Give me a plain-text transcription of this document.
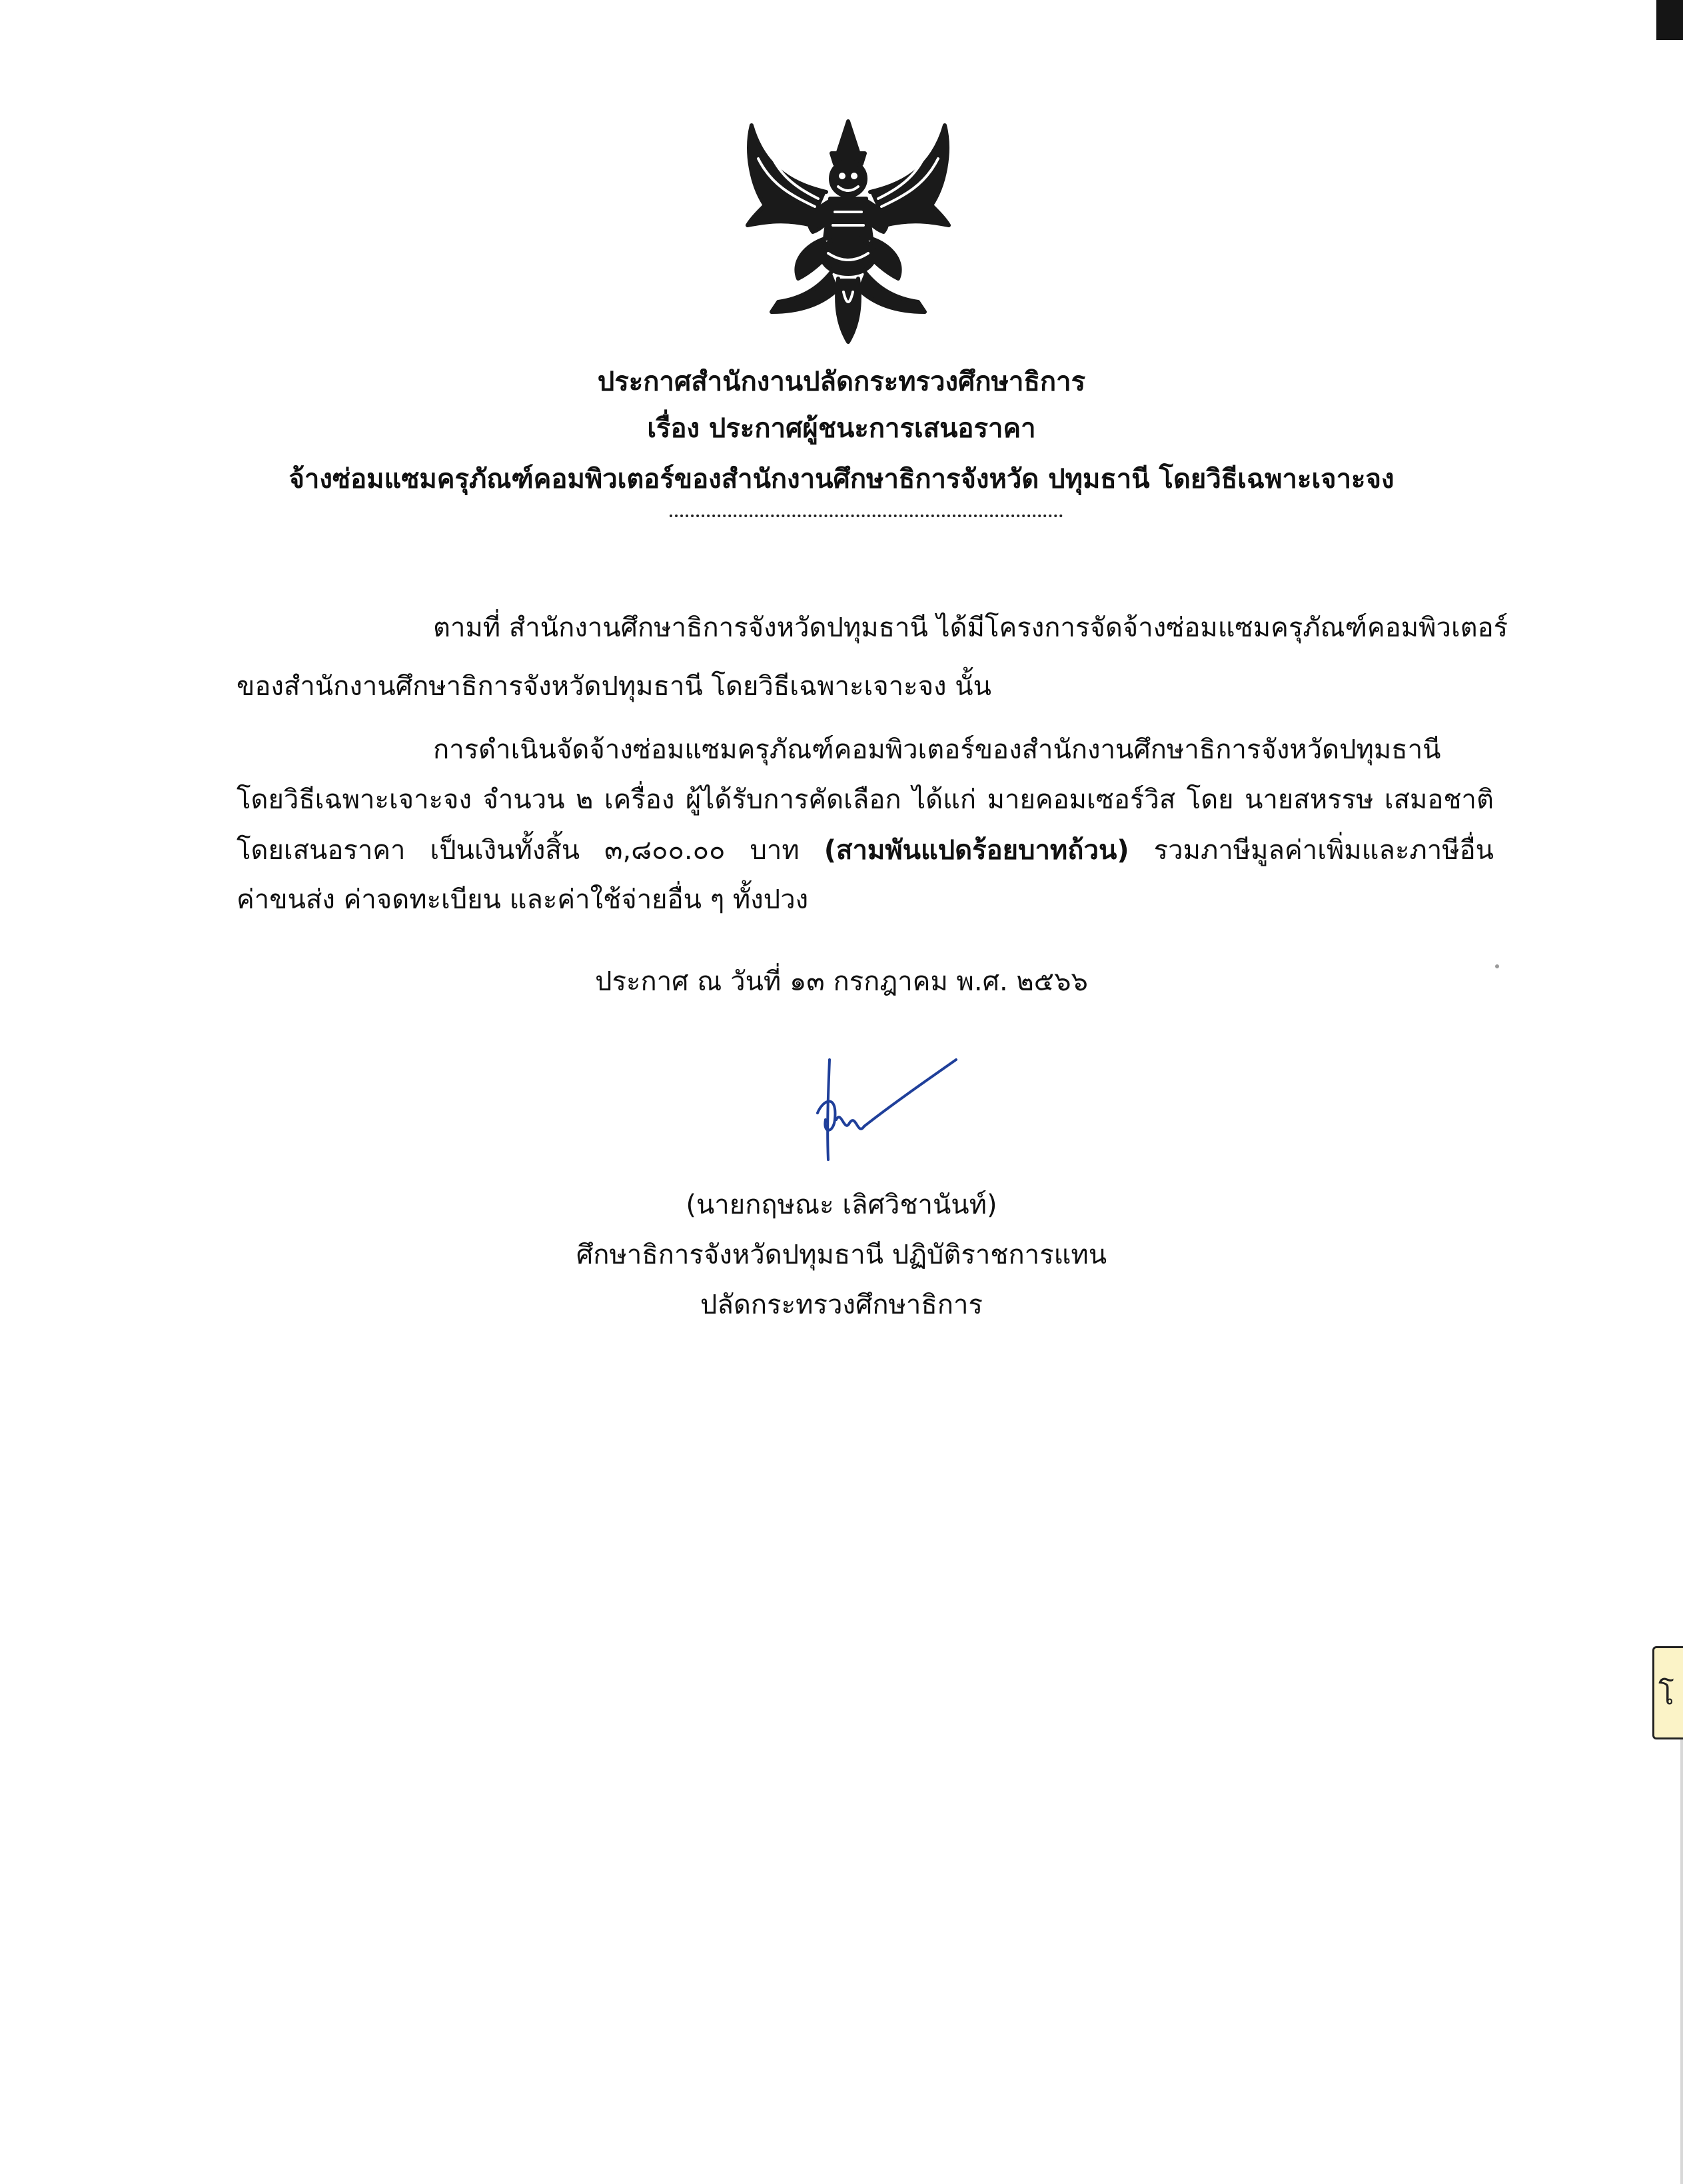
โ
ประกาศสำนักงานปลัดกระทรวงศึกษาธิการ
เรื่อง ประกาศผู้ชนะการเสนอราคา
จ้างซ่อมแซมครุภัณฑ์คอมพิวเตอร์ของสำนักงานศึกษาธิการจังหวัด ปทุมธานี โดยวิธีเฉพาะเจาะจง
ตามที่ สำนักงานศึกษาธิการจังหวัดปทุมธานี ได้มีโครงการจัดจ้างซ่อมแซมครุภัณฑ์คอมพิวเตอร์
ของสำนักงานศึกษาธิการจังหวัดปทุมธานี โดยวิธีเฉพาะเจาะจง นั้น
การดำเนินจัดจ้างซ่อมแซมครุภัณฑ์คอมพิวเตอร์ของสำนักงานศึกษาธิการจังหวัดปทุมธานี
โดยวิธีเฉพาะเจาะจง จำนวน ๒ เครื่อง ผู้ได้รับการคัดเลือก ได้แก่ มายคอมเซอร์วิส โดย นายสหรรษ เสมอชาติ
โดยเสนอราคา เป็นเงินทั้งสิ้น ๓,๘๐๐.๐๐ บาท (สามพันแปดร้อยบาทถ้วน) รวมภาษีมูลค่าเพิ่มและภาษีอื่น
ค่าขนส่ง ค่าจดทะเบียน และค่าใช้จ่ายอื่น ๆ ทั้งปวง
ประกาศ ณ วันที่ ๑๓ กรกฎาคม พ.ศ. ๒๕๖๖
(นายกฤษณะ เลิศวิชานันท์)
ศึกษาธิการจังหวัดปทุมธานี ปฏิบัติราชการแทน
ปลัดกระทรวงศึกษาธิการ
